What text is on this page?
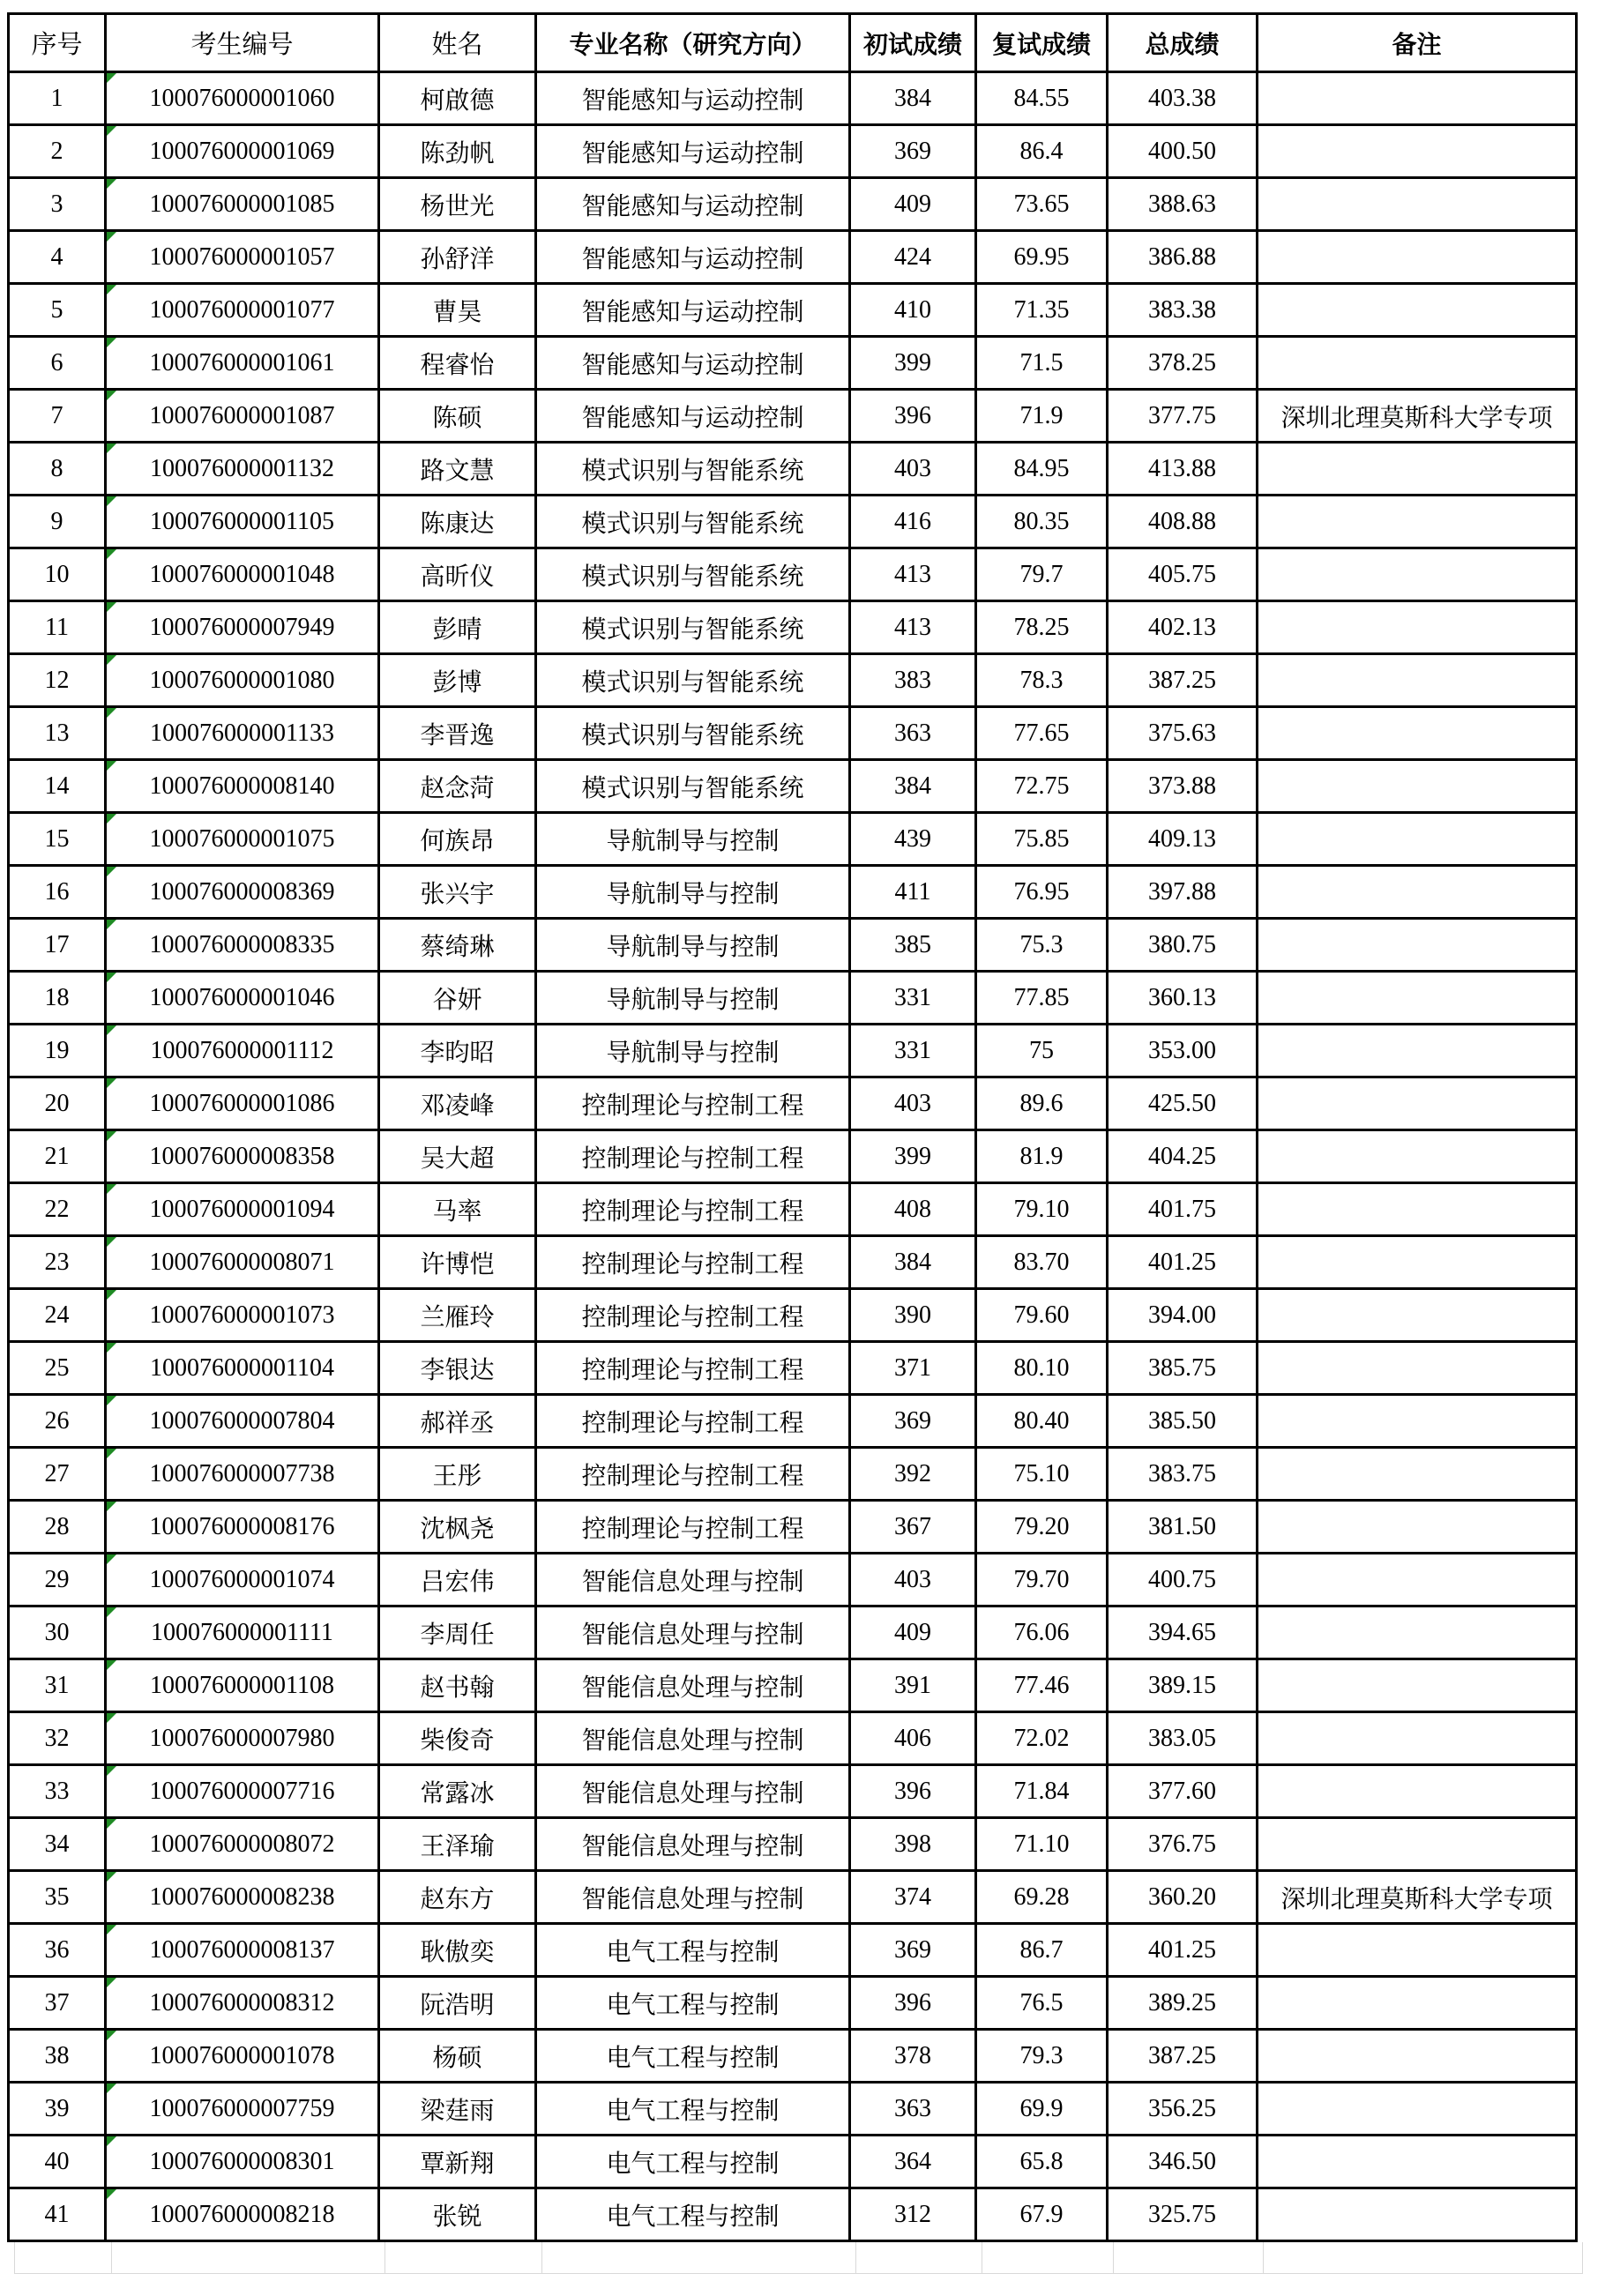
序号	考生编号	姓名	专业名称（研究方向）	初试成绩	复试成绩	总成绩	备注
1	100076000001060	柯啟德	智能感知与运动控制	384	84.55	403.38	
2	100076000001069	陈劲帆	智能感知与运动控制	369	86.4	400.50	
3	100076000001085	杨世光	智能感知与运动控制	409	73.65	388.63	
4	100076000001057	孙舒洋	智能感知与运动控制	424	69.95	386.88	
5	100076000001077	曹昊	智能感知与运动控制	410	71.35	383.38	
6	100076000001061	程睿怡	智能感知与运动控制	399	71.5	378.25	
7	100076000001087	陈硕	智能感知与运动控制	396	71.9	377.75	深圳北理莫斯科大学专项
8	100076000001132	路文慧	模式识别与智能系统	403	84.95	413.88	
9	100076000001105	陈康达	模式识别与智能系统	416	80.35	408.88	
10	100076000001048	高昕仪	模式识别与智能系统	413	79.7	405.75	
11	100076000007949	彭晴	模式识别与智能系统	413	78.25	402.13	
12	100076000001080	彭博	模式识别与智能系统	383	78.3	387.25	
13	100076000001133	李晋逸	模式识别与智能系统	363	77.65	375.63	
14	100076000008140	赵念菏	模式识别与智能系统	384	72.75	373.88	
15	100076000001075	何族昂	导航制导与控制	439	75.85	409.13	
16	100076000008369	张兴宇	导航制导与控制	411	76.95	397.88	
17	100076000008335	蔡绮琳	导航制导与控制	385	75.3	380.75	
18	100076000001046	谷妍	导航制导与控制	331	77.85	360.13	
19	100076000001112	李昀昭	导航制导与控制	331	75	353.00	
20	100076000001086	邓凌峰	控制理论与控制工程	403	89.6	425.50	
21	100076000008358	吴大超	控制理论与控制工程	399	81.9	404.25	
22	100076000001094	马率	控制理论与控制工程	408	79.10	401.75	
23	100076000008071	许博恺	控制理论与控制工程	384	83.70	401.25	
24	100076000001073	兰雁玲	控制理论与控制工程	390	79.60	394.00	
25	100076000001104	李银达	控制理论与控制工程	371	80.10	385.75	
26	100076000007804	郝祥丞	控制理论与控制工程	369	80.40	385.50	
27	100076000007738	王彤	控制理论与控制工程	392	75.10	383.75	
28	100076000008176	沈枫尧	控制理论与控制工程	367	79.20	381.50	
29	100076000001074	吕宏伟	智能信息处理与控制	403	79.70	400.75	
30	100076000001111	李周任	智能信息处理与控制	409	76.06	394.65	
31	100076000001108	赵书翰	智能信息处理与控制	391	77.46	389.15	
32	100076000007980	柴俊奇	智能信息处理与控制	406	72.02	383.05	
33	100076000007716	常露冰	智能信息处理与控制	396	71.84	377.60	
34	100076000008072	王泽瑜	智能信息处理与控制	398	71.10	376.75	
35	100076000008238	赵东方	智能信息处理与控制	374	69.28	360.20	深圳北理莫斯科大学专项
36	100076000008137	耿傲奕	电气工程与控制	369	86.7	401.25	
37	100076000008312	阮浩明	电气工程与控制	396	76.5	389.25	
38	100076000001078	杨硕	电气工程与控制	378	79.3	387.25	
39	100076000007759	梁莛雨	电气工程与控制	363	69.9	356.25	
40	100076000008301	覃新翔	电气工程与控制	364	65.8	346.50	
41	100076000008218	张锐	电气工程与控制	312	67.9	325.75	
